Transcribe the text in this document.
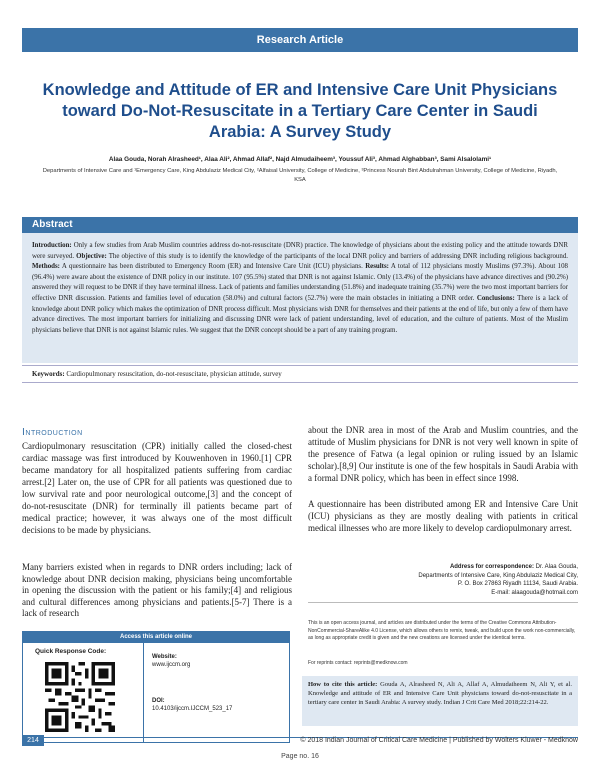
Research Article
Knowledge and Attitude of ER and Intensive Care Unit Physicians toward Do-Not-Resuscitate in a Tertiary Care Center in Saudi Arabia: A Survey Study
Alaa Gouda, Norah Alrasheed¹, Alaa Ali², Ahmad Allaf², Najd Almudaiheem³, Youssuf Ali³, Ahmad Alghabban³, Sami Alsalolami¹
Departments of Intensive Care and ¹Emergency Care, King Abdulaziz Medical City, ²Alfaisal University, College of Medicine, ³Princess Nourah Bint Abdulrahman University, College of Medicine, Riyadh, KSA
Abstract
Introduction: Only a few studies from Arab Muslim countries address do-not-resuscitate (DNR) practice. The knowledge of physicians about the existing policy and the attitude towards DNR were surveyed. Objective: The objective of this study is to identify the knowledge of the participants of the local DNR policy and barriers of addressing DNR including religious background. Methods: A questionnaire has been distributed to Emergency Room (ER) and Intensive Care Unit (ICU) physicians. Results: A total of 112 physicians mostly Muslims (97.3%). About 108 (96.4%) were aware about the existence of DNR policy in our institute. 107 (95.5%) stated that DNR is not against Islamic. Only (13.4%) of the physicians have advance directives and (90.2%) answered they will request to be DNR if they have terminal illness. Lack of patients and families understanding (51.8%) and inadequate training (35.7%) were the two most important barriers for effective DNR discussion. Patients and families level of education (58.0%) and cultural factors (52.7%) were the main obstacles in initiating a DNR order. Conclusions: There is a lack of knowledge about DNR policy which makes the optimization of DNR process difficult. Most physicians wish DNR for themselves and their patients at the end of life, but only a few of them have advance directives. The most important barriers for initializing and discussing DNR were lack of patient understanding, level of education, and the culture of patients. Most of the Muslim physicians believe that DNR is not against Islamic rules. We suggest that the DNR concept should be a part of any training program.
Keywords: Cardiopulmonary resuscitation, do-not-resuscitate, physician attitude, survey
Introduction
Cardiopulmonary resuscitation (CPR) initially called the closed-chest cardiac massage was first introduced by Kouwenhoven in 1960.[1] CPR became mandatory for all hospitalized patients suffering from cardiac arrest.[2] Later on, the use of CPR for all patients was questioned due to low survival rate and poor neurological outcome,[3] and the concept of do-not-resuscitate (DNR) for terminally ill patients became part of medical practice; however, it was always one of the most difficult decisions to be made by physicians.
Many barriers existed when in regards to DNR orders including; lack of knowledge about DNR decision making, physicians being uncomfortable in opening the discussion with the patient or his family;[4] and religious and cultural differences among physicians and patients.[5-7] There is a lack of research
about the DNR area in most of the Arab and Muslim countries, and the attitude of Muslim physicians for DNR is not very well known in spite of the presence of Fatwa (a legal opinion or ruling issued by an Islamic scholar).[8,9] Our institute is one of the few hospitals in Saudi Arabia with a formal DNR policy, which has been in effect since 1998.
A questionnaire has been distributed among ER and Intensive Care Unit (ICU) physicians as they are mostly dealing with patients in critical medical illnesses who are more likely to develop cardiopulmonary arrest.
Address for correspondence: Dr. Alaa Gouda,
Departments of Intensive Care, King Abdulaziz Medical City,
P. O. Box 27863 Riyadh 11134, Saudi Arabia.
E-mail: alaagouda@hotmail.com
This is an open access journal, and articles are distributed under the terms of the Creative Commons Attribution-NonCommercial-ShareAlike 4.0 License, which allows others to remix, tweak, and build upon the work non-commercially, as long as appropriate credit is given and the new creations are licensed under the identical terms.
For reprints contact: reprints@medknow.com
How to cite this article: Gouda A, Alrasheed N, Ali A, Allaf A, Almudaiheem N, Ali Y, et al. Knowledge and attitude of ER and Intensive Care Unit physicians toward do-not-resuscitate in a tertiary care center in Saudi Arabia: A survey study. Indian J Crit Care Med 2018;22:214-22.
Access this article online
Quick Response Code:
Website:
www.ijccm.org
DOI:
10.4103/ijccm.IJCCM_523_17
214	© 2018 Indian Journal of Critical Care Medicine | Published by Wolters Kluwer - Medknow
Page no. 16
